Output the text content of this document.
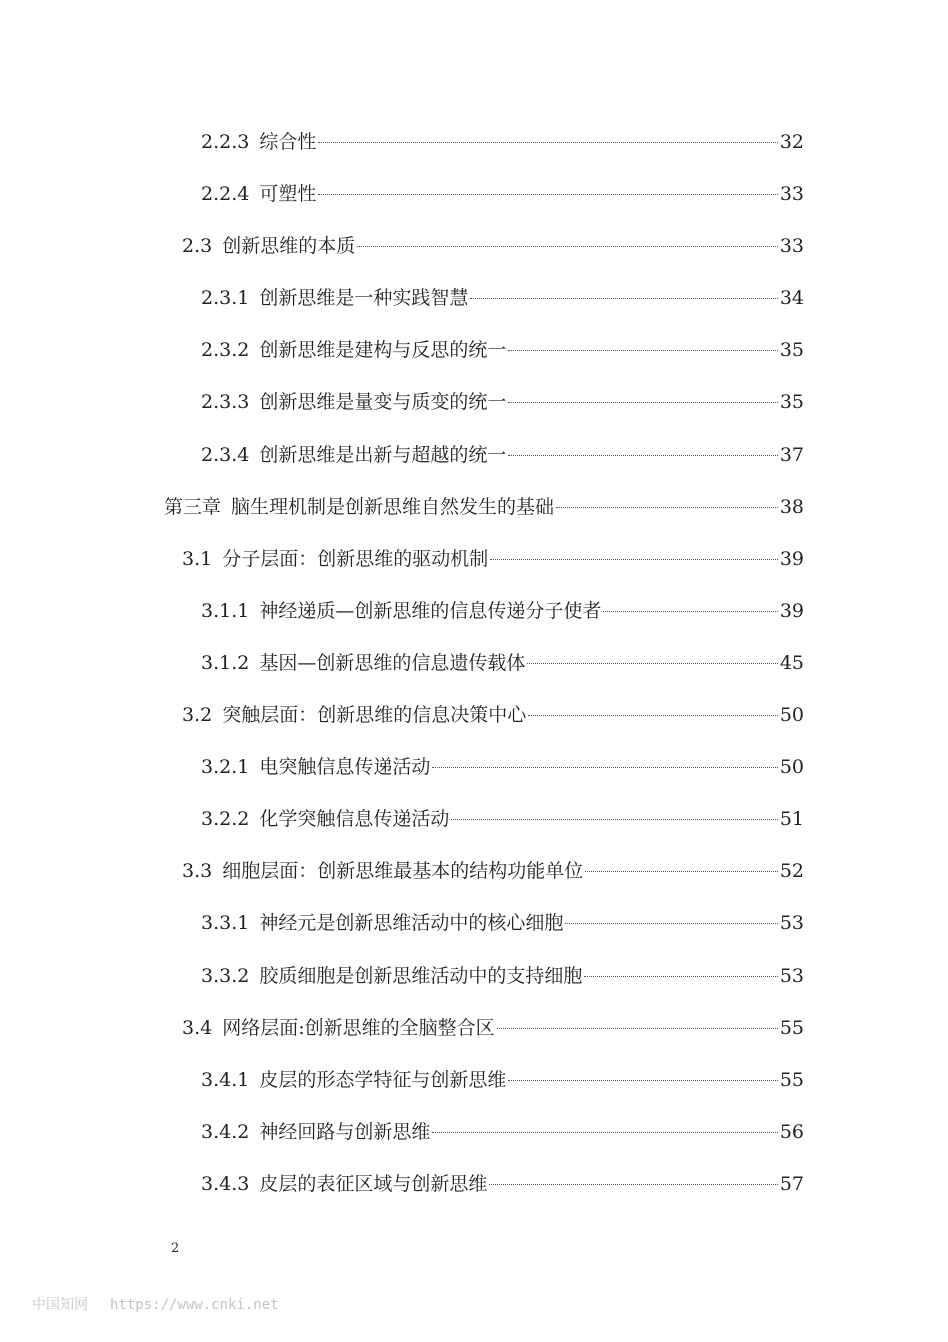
2.2.3 综合性	32
2.2.4 可塑性	33
2.3 创新思维的本质	33
2.3.1 创新思维是一种实践智慧	34
2.3.2 创新思维是建构与反思的统一	35
2.3.3 创新思维是量变与质变的统一	35
2.3.4 创新思维是出新与超越的统一	37
第三章 脑生理机制是创新思维自然发生的基础	38
3.1 分子层面：创新思维的驱动机制	39
3.1.1 神经递质—创新思维的信息传递分子使者	39
3.1.2 基因—创新思维的信息遗传载体	45
3.2 突触层面：创新思维的信息决策中心	50
3.2.1 电突触信息传递活动	50
3.2.2 化学突触信息传递活动	51
3.3 细胞层面：创新思维最基本的结构功能单位	52
3.3.1 神经元是创新思维活动中的核心细胞	53
3.3.2 胶质细胞是创新思维活动中的支持细胞	53
3.4 网络层面:创新思维的全脑整合区	55
3.4.1 皮层的形态学特征与创新思维	55
3.4.2 神经回路与创新思维	56
3.4.3 皮层的表征区域与创新思维	57
2
中国知网 https://www.cnki.net
